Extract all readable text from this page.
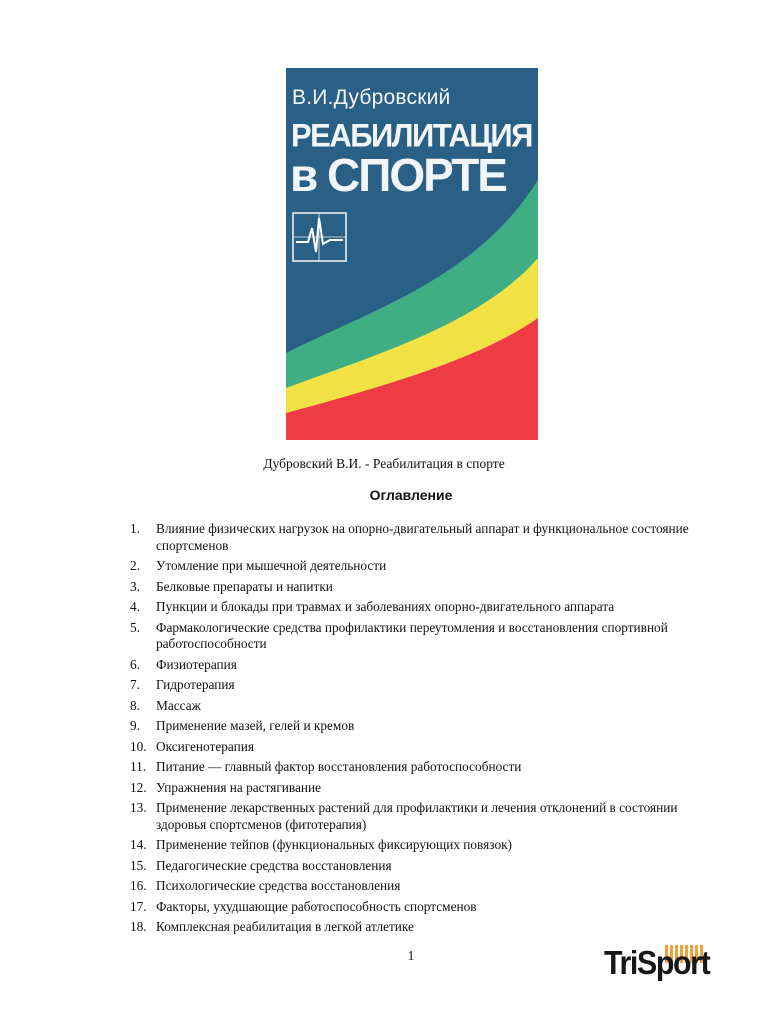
В.И.Дубровский
РЕАБИЛИТАЦИЯ
в СПОРТЕ
Дубровский В.И. - Реабилитация в спорте
Оглавление
1. Влияние физических нагрузок на опорно-двигательный аппарат и функциональное состояние спортсменов
2. Утомление при мышечной деятельности
3. Белковые препараты и напитки
4. Пункции и блокады при травмах и заболеваниях опорно-двигательного аппарата
5. Фармакологические средства профилактики переутомления и восстановления спортивной работоспособности
6. Физиотерапия
7. Гидротерапия
8. Массаж
9. Применение мазей, гелей и кремов
10. Оксигенотерапия
11. Питание — главный фактор восстановления работоспособности
12. Упражнения на растягивание
13. Применение лекарственных растений для профилактики и лечения отклонений в состоянии здоровья спортсменов (фитотерапия)
14. Применение тейпов (функциональных фиксирующих повязок)
15. Педагогические средства восстановления
16. Психологические средства восстановления
17. Факторы, ухудшающие работоспособность спортсменов
18. Комплексная реабилитация в легкой атлетике
1	TriSport
